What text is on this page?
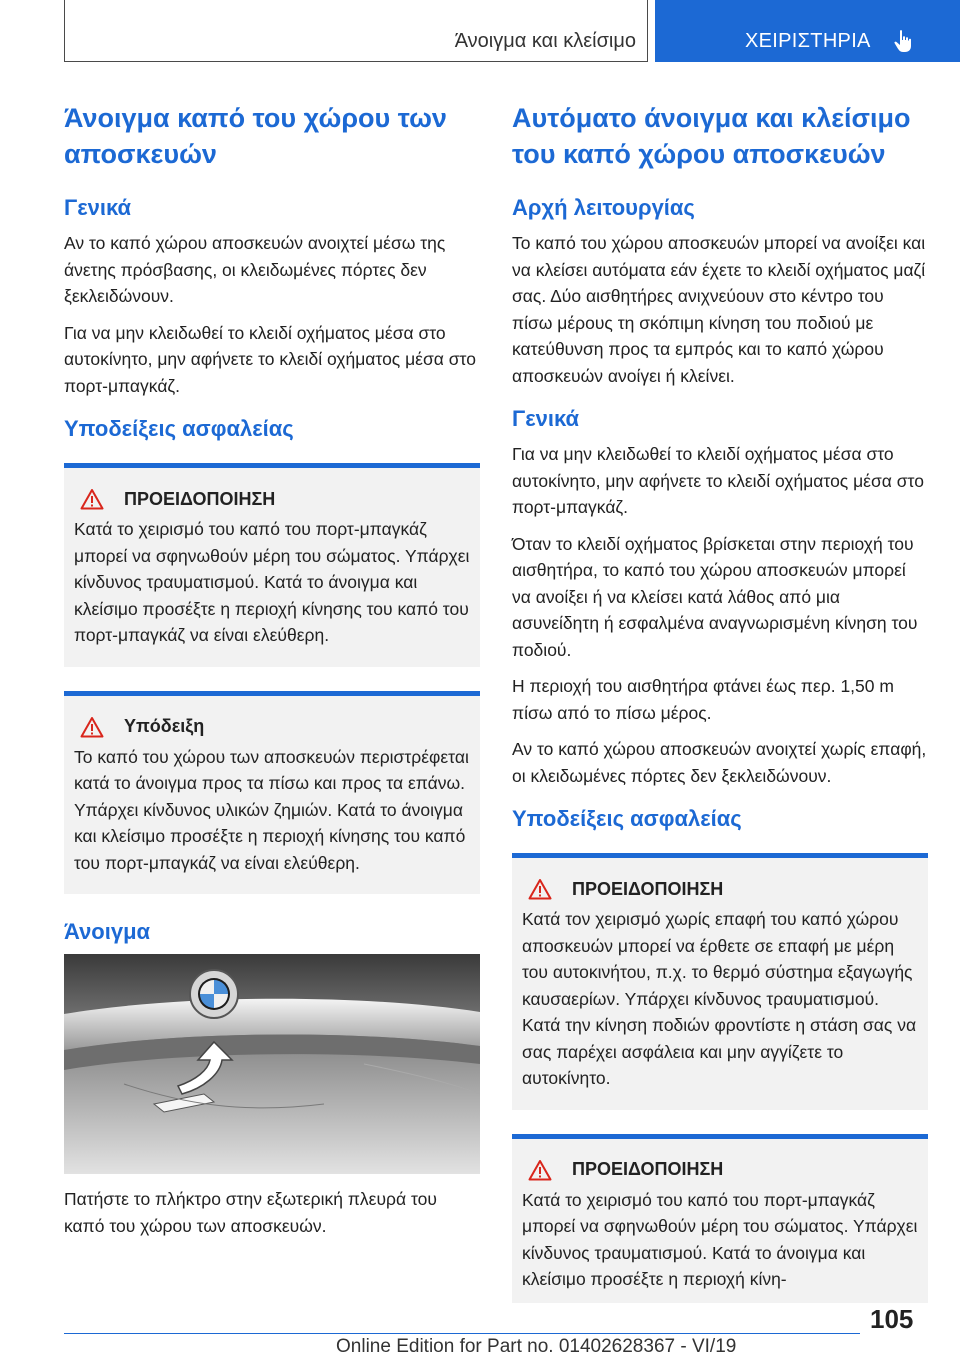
Άνοιγμα και κλείσιμο	ΧΕΙΡΙΣΤΗΡΙΑ
Άνοιγμα καπό του χώρου των αποσκευών
Γενικά

Αν το καπό χώρου αποσκευών ανοιχτεί μέσω της άνετης πρόσβασης, οι κλειδωμένες πόρτες δεν ξεκλειδώνουν.

Για να μην κλειδωθεί το κλειδί οχήματος μέσα στο αυτοκίνητο, μην αφήνετε το κλειδί οχήματος μέσα στο πορτ-μπαγκάζ.

Υποδείξεις ασφαλείας
ΠΡΟΕΙΔΟΠΟΙΗΣΗ

Κατά το χειρισμό του καπό του πορτ-μπαγκάζ μπορεί να σφηνωθούν μέρη του σώματος. Υπάρχει κίνδυνος τραυματισμού. Κατά το άνοιγμα και κλείσιμο προσέξτε η περιοχή κίνησης του καπό του πορτ-μπαγκάζ να είναι ελεύθερη.

Υπόδειξη

Το καπό του χώρου των αποσκευών περιστρέφεται κατά το άνοιγμα προς τα πίσω και προς τα επάνω. Υπάρχει κίνδυνος υλικών ζημιών. Κατά το άνοιγμα και κλείσιμο προσέξτε η περιοχή κίνησης του καπό του πορτ-μπαγκάζ να είναι ελεύθερη.

Άνοιγμα

Πατήστε το πλήκτρο στην εξωτερική πλευρά του καπό του χώρου των αποσκευών.

Αυτόματο άνοιγμα και κλείσιμο του καπό χώρου αποσκευών
Αρχή λειτουργίας

Το καπό του χώρου αποσκευών μπορεί να ανοίξει και να κλείσει αυτόματα εάν έχετε το κλειδί οχήματος μαζί σας. Δύο αισθητήρες ανιχνεύουν στο κέντρο του πίσω μέρους τη σκόπιμη κίνηση του ποδιού με κατεύθυνση προς τα εμπρός και το καπό χώρου αποσκευών ανοίγει ή κλείνει.

Γενικά

Για να μην κλειδωθεί το κλειδί οχήματος μέσα στο αυτοκίνητο, μην αφήνετε το κλειδί οχήματος μέσα στο πορτ-μπαγκάζ.

Όταν το κλειδί οχήματος βρίσκεται στην περιοχή του αισθητήρα, το καπό του χώρου αποσκευών μπορεί να ανοίξει ή να κλείσει κατά λάθος από μια ασυνείδητη ή εσφαλμένα αναγνωρισμένη κίνηση του ποδιού.

Η περιοχή του αισθητήρα φτάνει έως περ. 1,50 m πίσω από το πίσω μέρος.

Αν το καπό χώρου αποσκευών ανοιχτεί χωρίς επαφή, οι κλειδωμένες πόρτες δεν ξεκλειδώνουν.

Υποδείξεις ασφαλείας
ΠΡΟΕΙΔΟΠΟΙΗΣΗ

Κατά τον χειρισμό χωρίς επαφή του καπό χώρου αποσκευών μπορεί να έρθετε σε επαφή με μέρη του αυτοκινήτου, π.χ. το θερμό σύστημα εξαγωγής καυσαερίων. Υπάρχει κίνδυνος τραυματισμού. Κατά την κίνηση ποδιών φροντίστε η στάση σας να σας παρέχει ασφάλεια και μην αγγίζετε το αυτοκίνητο.

ΠΡΟΕΙΔΟΠΟΙΗΣΗ

Κατά το χειρισμό του καπό του πορτ-μπαγκάζ μπορεί να σφηνωθούν μέρη του σώματος. Υπάρχει κίνδυνος τραυματισμού. Κατά το άνοιγμα και κλείσιμο προσέξτε η περιοχή κίνη-

105
Online Edition for Part no. 01402628367 - VI/19
